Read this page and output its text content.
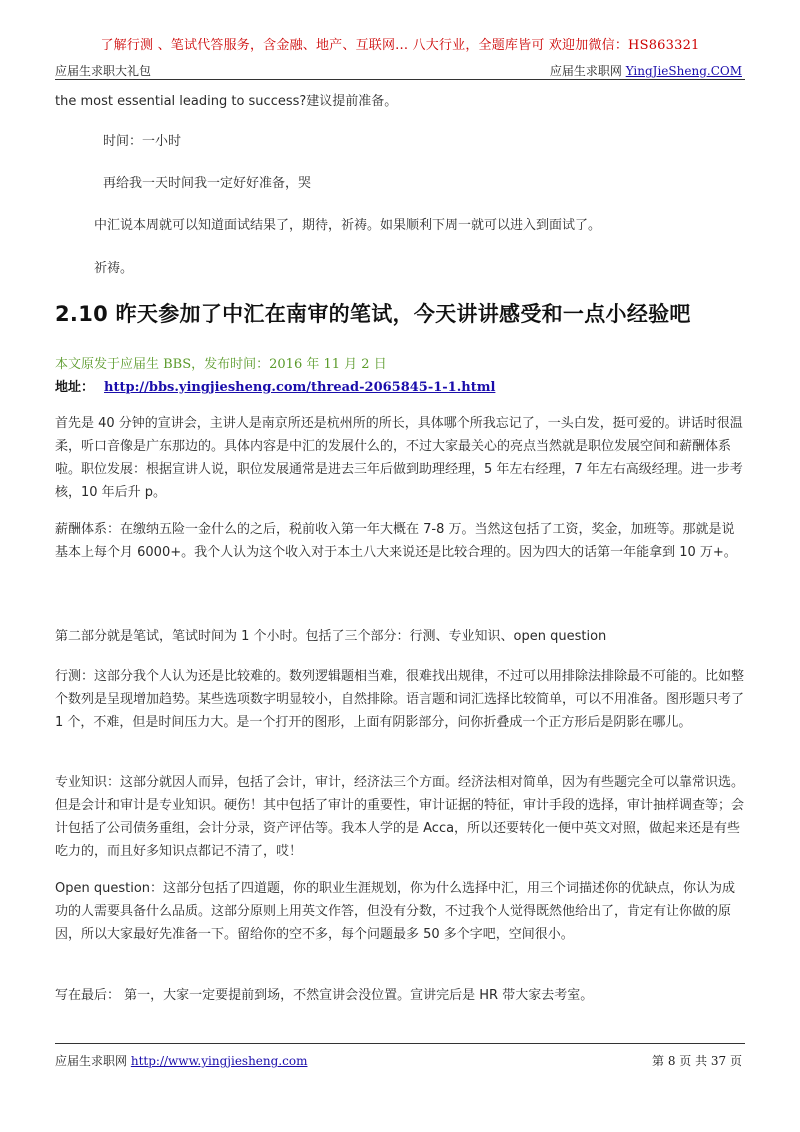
了解行测 、笔试代答服务，含金融、地产、互联网... 八大行业，全题库皆可 欢迎加微信：HS863321
应届生求职大礼包	应届生求职网 YingJieSheng.COM

the most essential leading to success?建议提前准备。

时间：一小时

再给我一天时间我一定好好准备，哭

中汇说本周就可以知道面试结果了，期待，祈祷。如果顺利下周一就可以进入到面试了。

祈祷。

2.10 昨天参加了中汇在南审的笔试，今天讲讲感受和一点小经验吧
本文原发于应届生 BBS，发布时间：2016 年 11 月 2 日
地址： http://bbs.yingjiesheng.com/thread-2065845-1-1.html

首先是 40 分钟的宣讲会，主讲人是南京所还是杭州所的所长，具体哪个所我忘记了，一头白发，挺可爱的。讲话时很温柔，听口音像是广东那边的。具体内容是中汇的发展什么的，不过大家最关心的亮点当然就是职位发展空间和薪酬体系啦。职位发展：根据宣讲人说，职位发展通常是进去三年后做到助理经理，5 年左右经理，7 年左右高级经理。进一步考核，10 年后升 p。

薪酬体系：在缴纳五险一金什么的之后，税前收入第一年大概在 7-8 万。当然这包括了工资，奖金，加班等。那就是说基本上每个月 6000+。我个人认为这个收入对于本土八大来说还是比较合理的。因为四大的话第一年能拿到 10 万+。

第二部分就是笔试，笔试时间为 1 个小时。包括了三个部分：行测、专业知识、open question

行测：这部分我个人认为还是比较难的。数列逻辑题相当难，很难找出规律，不过可以用排除法排除最不可能的。比如整个数列是呈现增加趋势。某些选项数字明显较小，自然排除。语言题和词汇选择比较简单，可以不用准备。图形题只考了 1 个，不难，但是时间压力大。是一个打开的图形，上面有阴影部分，问你折叠成一个正方形后是阴影在哪儿。

专业知识：这部分就因人而异，包括了会计，审计，经济法三个方面。经济法相对简单，因为有些题完全可以靠常识选。但是会计和审计是专业知识。硬伤！其中包括了审计的重要性，审计证据的特征，审计手段的选择，审计抽样调查等；会计包括了公司债务重组，会计分录，资产评估等。我本人学的是 Acca，所以还要转化一便中英文对照，做起来还是有些吃力的，而且好多知识点都记不清了，哎！

Open question：这部分包括了四道题，你的职业生涯规划，你为什么选择中汇，用三个词描述你的优缺点，你认为成功的人需要具备什么品质。这部分原则上用英文作答，但没有分数，不过我个人觉得既然他给出了，肯定有让你做的原因，所以大家最好先准备一下。留给你的空不多，每个问题最多 50 多个字吧，空间很小。

写在最后： 第一，大家一定要提前到场，不然宣讲会没位置。宣讲完后是 HR 带大家去考室。

应届生求职网 http://www.yingjiesheng.com	第 8 页 共 37 页
